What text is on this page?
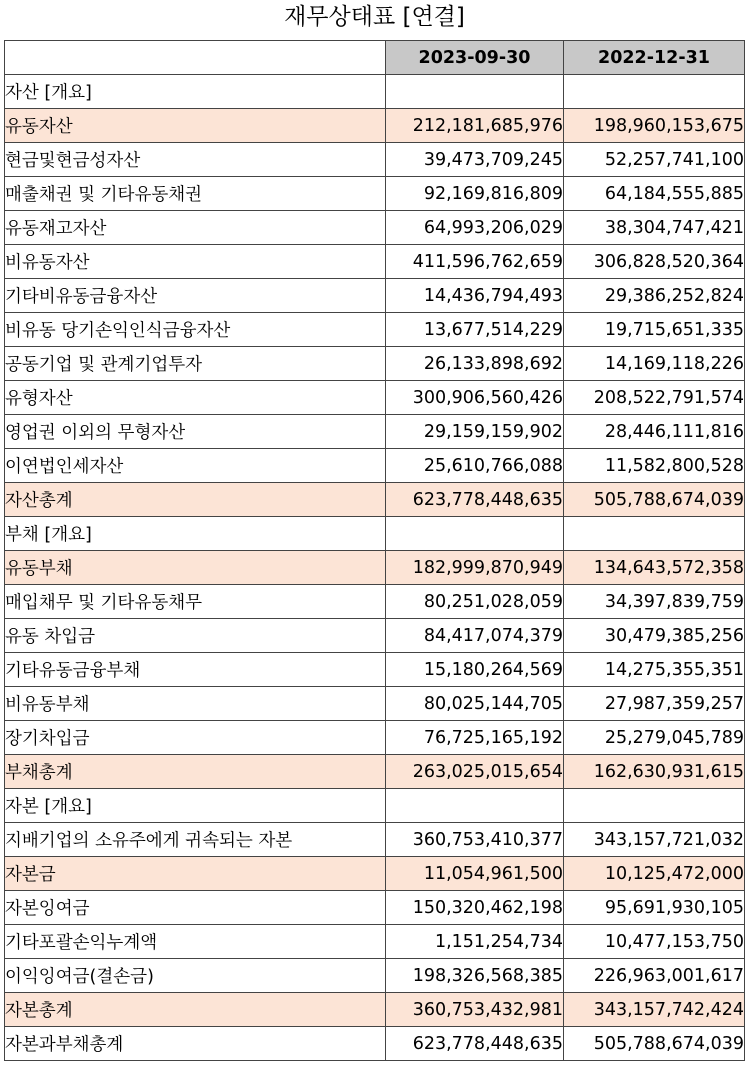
재무상태표 [연결]
	2023-09-30	2022-12-31
자산 [개요]		
유동자산	212,181,685,976	198,960,153,675
현금및현금성자산	39,473,709,245	52,257,741,100
매출채권 및 기타유동채권	92,169,816,809	64,184,555,885
유동재고자산	64,993,206,029	38,304,747,421
비유동자산	411,596,762,659	306,828,520,364
기타비유동금융자산	14,436,794,493	29,386,252,824
비유동 당기손익인식금융자산	13,677,514,229	19,715,651,335
공동기업 및 관계기업투자	26,133,898,692	14,169,118,226
유형자산	300,906,560,426	208,522,791,574
영업권 이외의 무형자산	29,159,159,902	28,446,111,816
이연법인세자산	25,610,766,088	11,582,800,528
자산총계	623,778,448,635	505,788,674,039
부채 [개요]		
유동부채	182,999,870,949	134,643,572,358
매입채무 및 기타유동채무	80,251,028,059	34,397,839,759
유동 차입금	84,417,074,379	30,479,385,256
기타유동금융부채	15,180,264,569	14,275,355,351
비유동부채	80,025,144,705	27,987,359,257
장기차입금	76,725,165,192	25,279,045,789
부채총계	263,025,015,654	162,630,931,615
자본 [개요]		
지배기업의 소유주에게 귀속되는 자본	360,753,410,377	343,157,721,032
자본금	11,054,961,500	10,125,472,000
자본잉여금	150,320,462,198	95,691,930,105
기타포괄손익누계액	1,151,254,734	10,477,153,750
이익잉여금(결손금)	198,326,568,385	226,963,001,617
자본총계	360,753,432,981	343,157,742,424
자본과부채총계	623,778,448,635	505,788,674,039
